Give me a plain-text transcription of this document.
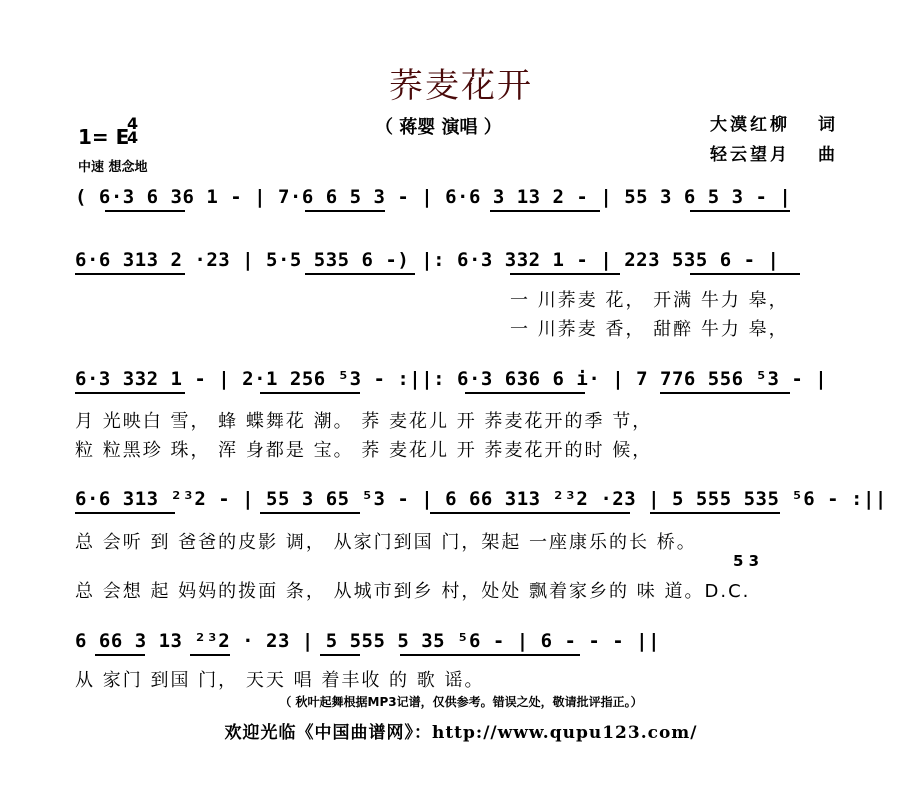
荞麦花开
（ 蒋婴 演唱 ）
1= E
4
4
中速 想念地
大漠红柳 词
轻云望月 曲
( 6·3 6 36 1 - | 7·6 6 5 3 - | 6·6 3 13 2 - | 55 3 6 5 3 - |
6·6 313 2 ·23 | 5·5 535 6 -) |: 6·3 332 1 - | 223 535 6 - |
一 川荞麦 花， 开满 牛力 皋，
一 川荞麦 香， 甜醉 牛力 皋，
6·3 332 1 - | 2·1 256 ⁵3 - :||: 6·3 636 6 i· | 7 776 556 ⁵3 - |
月 光映白 雪， 蜂 蝶舞花 潮。 荞 麦花儿 开 荞麦花开的季 节，
粒 粒黑珍 珠， 浑 身都是 宝。 荞 麦花儿 开 荞麦花开的时 候，
6·6 313 ²³2 - | 55 3 65 ⁵3 - | 6 66 313 ²³2 ·23 | 5 555 535 ⁵6 - :||
总 会听 到 爸爸的皮影 调， 从家门到国 门，架起 一座康乐的长 桥。
5 3
总 会想 起 妈妈的拨面 条， 从城市到乡 村，处处 飘着家乡的 味 道。D.C.
6 66 3 13 ²³2 · 23 | 5 555 5 35 ⁵6 - | 6 - - - ||
从 家门 到国 门， 天天 唱 着丰收 的 歌 谣。
（ 秋叶起舞根据MP3记谱，仅供参考。错误之处，敬请批评指正。）
欢迎光临《中国曲谱网》：http://www.qupu123.com/
